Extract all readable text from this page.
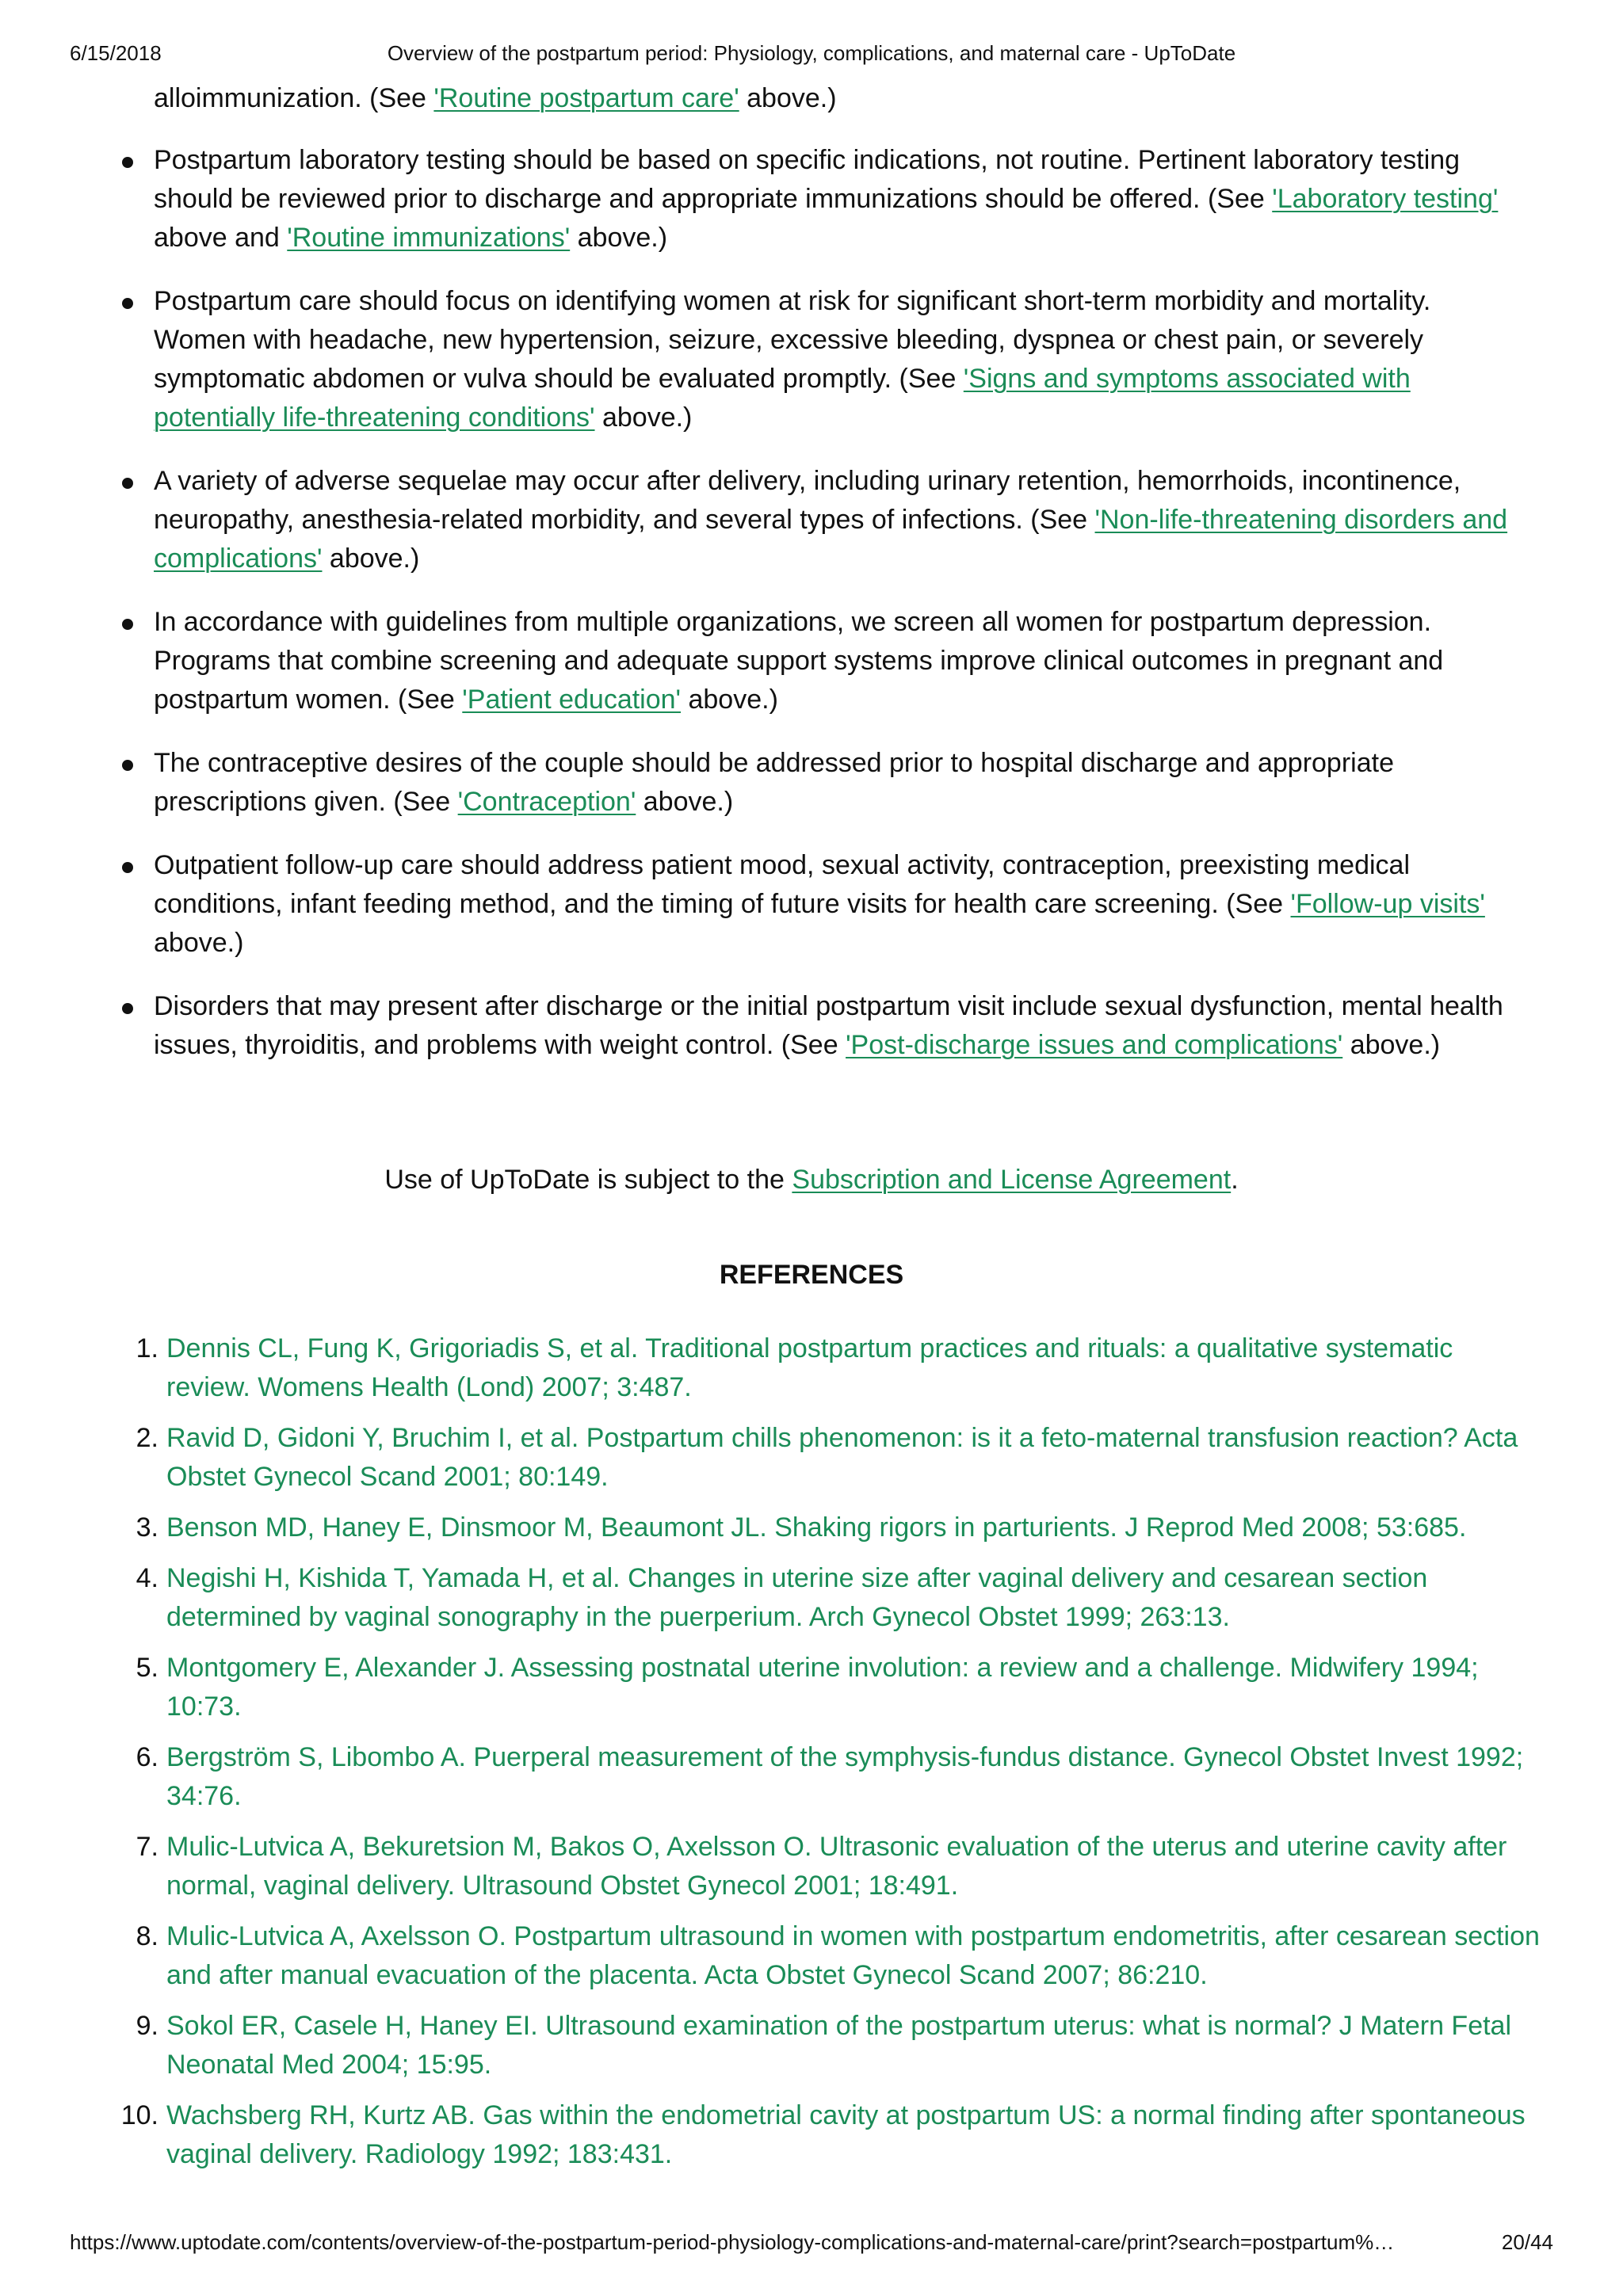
6/15/2018	Overview of the postpartum period: Physiology, complications, and maternal care - UpToDate
alloimmunization. (See 'Routine postpartum care' above.)
Postpartum laboratory testing should be based on specific indications, not routine. Pertinent laboratory testing should be reviewed prior to discharge and appropriate immunizations should be offered. (See 'Laboratory testing' above and 'Routine immunizations' above.)
Postpartum care should focus on identifying women at risk for significant short-term morbidity and mortality. Women with headache, new hypertension, seizure, excessive bleeding, dyspnea or chest pain, or severely symptomatic abdomen or vulva should be evaluated promptly. (See 'Signs and symptoms associated with potentially life-threatening conditions' above.)
A variety of adverse sequelae may occur after delivery, including urinary retention, hemorrhoids, incontinence, neuropathy, anesthesia-related morbidity, and several types of infections. (See 'Non-life-threatening disorders and complications' above.)
In accordance with guidelines from multiple organizations, we screen all women for postpartum depression. Programs that combine screening and adequate support systems improve clinical outcomes in pregnant and postpartum women. (See 'Patient education' above.)
The contraceptive desires of the couple should be addressed prior to hospital discharge and appropriate prescriptions given. (See 'Contraception' above.)
Outpatient follow-up care should address patient mood, sexual activity, contraception, preexisting medical conditions, infant feeding method, and the timing of future visits for health care screening. (See 'Follow-up visits' above.)
Disorders that may present after discharge or the initial postpartum visit include sexual dysfunction, mental health issues, thyroiditis, and problems with weight control. (See 'Post-discharge issues and complications' above.)
Use of UpToDate is subject to the Subscription and License Agreement.
REFERENCES
1. Dennis CL, Fung K, Grigoriadis S, et al. Traditional postpartum practices and rituals: a qualitative systematic review. Womens Health (Lond) 2007; 3:487.
2. Ravid D, Gidoni Y, Bruchim I, et al. Postpartum chills phenomenon: is it a feto-maternal transfusion reaction? Acta Obstet Gynecol Scand 2001; 80:149.
3. Benson MD, Haney E, Dinsmoor M, Beaumont JL. Shaking rigors in parturients. J Reprod Med 2008; 53:685.
4. Negishi H, Kishida T, Yamada H, et al. Changes in uterine size after vaginal delivery and cesarean section determined by vaginal sonography in the puerperium. Arch Gynecol Obstet 1999; 263:13.
5. Montgomery E, Alexander J. Assessing postnatal uterine involution: a review and a challenge. Midwifery 1994; 10:73.
6. Bergström S, Libombo A. Puerperal measurement of the symphysis-fundus distance. Gynecol Obstet Invest 1992; 34:76.
7. Mulic-Lutvica A, Bekuretsion M, Bakos O, Axelsson O. Ultrasonic evaluation of the uterus and uterine cavity after normal, vaginal delivery. Ultrasound Obstet Gynecol 2001; 18:491.
8. Mulic-Lutvica A, Axelsson O. Postpartum ultrasound in women with postpartum endometritis, after cesarean section and after manual evacuation of the placenta. Acta Obstet Gynecol Scand 2007; 86:210.
9. Sokol ER, Casele H, Haney EI. Ultrasound examination of the postpartum uterus: what is normal? J Matern Fetal Neonatal Med 2004; 15:95.
10. Wachsberg RH, Kurtz AB. Gas within the endometrial cavity at postpartum US: a normal finding after spontaneous vaginal delivery. Radiology 1992; 183:431.
https://www.uptodate.com/contents/overview-of-the-postpartum-period-physiology-complications-and-maternal-care/print?search=postpartum%…	20/44
